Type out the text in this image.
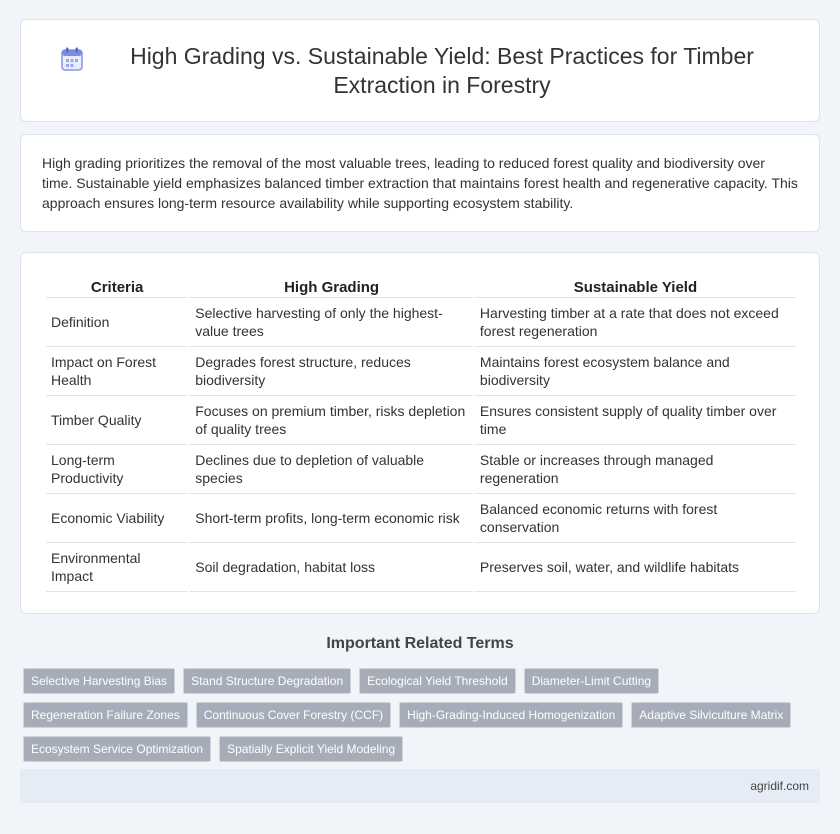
High Grading vs. Sustainable Yield: Best Practices for Timber Extraction in Forestry

High grading prioritizes the removal of the most valuable trees, leading to reduced forest quality and biodiversity over time. Sustainable yield emphasizes balanced timber extraction that maintains forest health and regenerative capacity. This approach ensures long-term resource availability while supporting ecosystem stability.

Criteria	High Grading	Sustainable Yield
Definition	Selective harvesting of only the highest-value trees	Harvesting timber at a rate that does not exceed forest regeneration
Impact on Forest Health	Degrades forest structure, reduces biodiversity	Maintains forest ecosystem balance and biodiversity
Timber Quality	Focuses on premium timber, risks depletion of quality trees	Ensures consistent supply of quality timber over time
Long-term Productivity	Declines due to depletion of valuable species	Stable or increases through managed regeneration
Economic Viability	Short-term profits, long-term economic risk	Balanced economic returns with forest conservation
Environmental Impact	Soil degradation, habitat loss	Preserves soil, water, and wildlife habitats
Important Related Terms
Selective Harvesting Bias	Stand Structure Degradation	Ecological Yield Threshold	Diameter-Limit Cutting
Regeneration Failure Zones	Continuous Cover Forestry (CCF)	High-Grading-Induced Homogenization	Adaptive Silviculture Matrix
Ecosystem Service Optimization	Spatially Explicit Yield Modeling
agridif.com
